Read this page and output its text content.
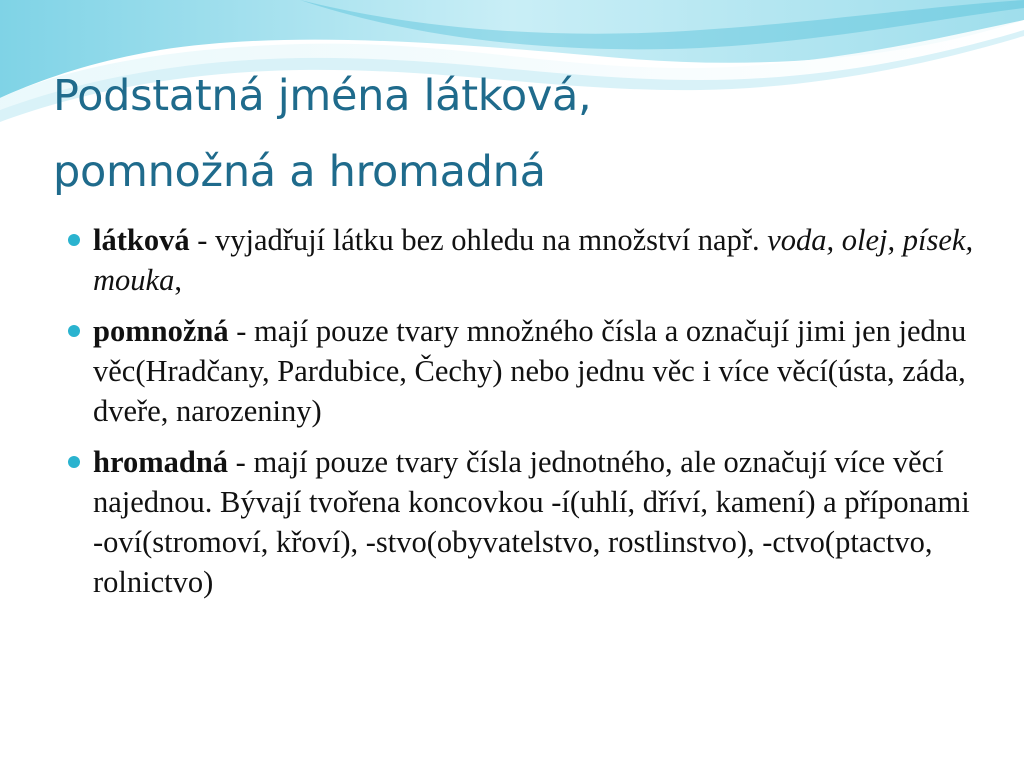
Podstatná jména látková,
pomnožná a hromadná
látková - vyjadřují látku bez ohledu na množství např. voda, olej, písek, mouka,
pomnožná - mají pouze tvary množného čísla a označují jimi jen jednu věc(Hradčany, Pardubice, Čechy) nebo jednu věc i více věcí(ústa, záda, dveře, narozeniny)
hromadná - mají pouze tvary čísla jednotného, ale označují více věcí najednou. Bývají tvořena koncovkou -í(uhlí, dříví, kamení) a příponami -oví(stromoví, křoví), -stvo(obyvatelstvo, rostlinstvo), -ctvo(ptactvo, rolnictvo)
